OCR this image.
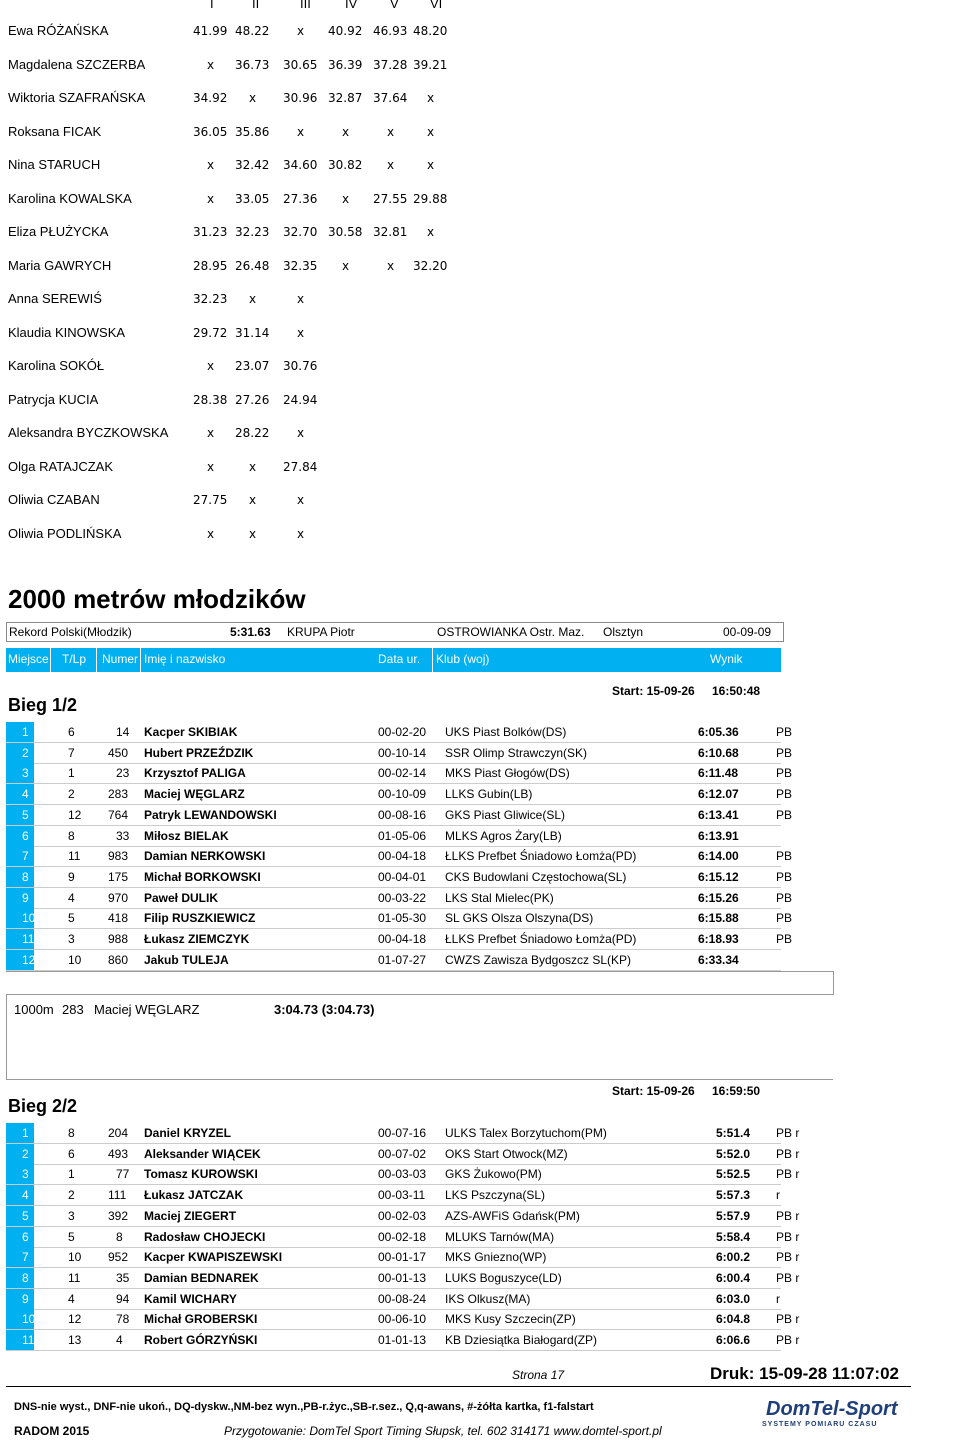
I	II	III	IV	V VI
Ewa RÓŻAŃSKA	41.99 48.22 x 40.92 46.93 48.20
Magdalena SZCZERBA	x 36.73 30.65 36.39 37.28 39.21
Wiktoria SZAFRAŃSKA	34.92 x 30.96 32.87 37.64 x
Roksana FICAK	36.05 35.86 x	x	x	x
Nina STARUCH	x 32.42 34.60 30.82 x	x
Karolina KOWALSKA	x 33.05 27.36 x 27.55 29.88
Eliza PŁUŻYCKA	31.23 32.23 32.70 30.58 32.81 x
Maria GAWRYCH	28.95 26.48 32.35 x	x 32.20
Anna SEREWIŚ	32.23 x	x
Klaudia KINOWSKA	29.72 31.14 x
Karolina SOKÓŁ	x 23.07 30.76
Patrycja KUCIA	28.38 27.26 24.94
Aleksandra BYCZKOWSKA	x 28.22 x
Olga RATAJCZAK	x	x 27.84
Oliwia CZABAN	27.75 x	x
Oliwia PODLIŃSKA	x	x	x
2000 metrów młodzików
Rekord Polski(Młodzik)	5:31.63 KRUPA Piotr	OSTROWIANKA Ostr. Maz. Olsztyn	00-09-09
Miejsce T/Lp Numer Imię i nazwisko	Data ur. Klub (woj)	Wynik
Bieg 1/2
Start: 15-09-26 16:50:48
1	6	14 Kacper SKIBIAK	00-02-20 UKS Piast Bolków(DS)	6:05.36	PB
2	7	450 Hubert PRZEŹDZIK	00-10-14 SSR Olimp Strawczyn(SK)	6:10.68	PB
3	1	23 Krzysztof PALIGA	00-02-14 MKS Piast Głogów(DS)	6:11.48	PB
4	2	283 Maciej WĘGLARZ	00-10-09 LLKS Gubin(LB)	6:12.07	PB
5	12 764 Patryk LEWANDOWSKI	00-08-16 GKS Piast Gliwice(SL)	6:13.41	PB
6	8	33 Miłosz BIELAK	01-05-06 MLKS Agros Żary(LB)	6:13.91
7	11 983 Damian NERKOWSKI	00-04-18 ŁLKS Prefbet Śniadowo Łomża(PD)	6:14.00	PB
8	9	175 Michał BORKOWSKI	00-04-01 CKS Budowlani Częstochowa(SL)	6:15.12	PB
9	4	970 Paweł DULIK	00-03-22 LKS Stal Mielec(PK)	6:15.26	PB
10	5	418 Filip RUSZKIEWICZ	01-05-30 SL GKS Olsza Olszyna(DS)	6:15.88	PB
11	3	988 Łukasz ZIEMCZYK	00-04-18 ŁLKS Prefbet Śniadowo Łomża(PD)	6:18.93	PB
12	10 860 Jakub TULEJA	01-07-27 CWZS Zawisza Bydgoszcz SL(KP)	6:33.34
1000m 283 Maciej WĘGLARZ	3:04.73 (3:04.73)
Bieg 2/2
Start: 15-09-26 16:59:50
1	8	204 Daniel KRYZEL	00-07-16 ULKS Talex Borzytuchom(PM)	5:51.4 PB r
2	6	493 Aleksander WIĄCEK	00-07-02 OKS Start Otwock(MZ)	5:52.0 PB r
3	1	77 Tomasz KUROWSKI	00-03-03 GKS Żukowo(PM)	5:52.5 PB r
4	2	111 Łukasz JATCZAK	00-03-11 LKS Pszczyna(SL)	5:57.3 r
5	3	392 Maciej ZIEGERT	00-02-03 AZS-AWFiS Gdańsk(PM)	5:57.9 PB r
6	5	8 Radosław CHOJECKI	00-02-18 MLUKS Tarnów(MA)	5:58.4 PB r
7	10 952 Kacper KWAPISZEWSKI	00-01-17 MKS Gniezno(WP)	6:00.2 PB r
8	11	35 Damian BEDNAREK	00-01-13 LUKS Boguszyce(LD)	6:00.4 PB r
9	4	94 Kamil WICHARY	00-08-24 IKS Olkusz(MA)	6:03.0 r
10	12	78 Michał GROBERSKI	00-06-10 MKS Kusy Szczecin(ZP)	6:04.8 PB r
11	13	4 Robert GÓRZYŃSKI	01-01-13 KB Dziesiątka Białogard(ZP)	6:06.6 PB r
Strona 17	Druk: 15-09-28 11:07:02
DNS-nie wyst., DNF-nie ukoń., DQ-dyskw.,NM-bez wyn.,PB-r.życ.,SB-r.sez., Q,q-awans, #-żółta kartka, f1-falstart
RADOM 2015	Przygotowanie: DomTel Sport Timing Słupsk, tel. 602 314171 www.domtel-sport.pl
DomTel-Sport
SYSTEMY POMIARU CZASU
